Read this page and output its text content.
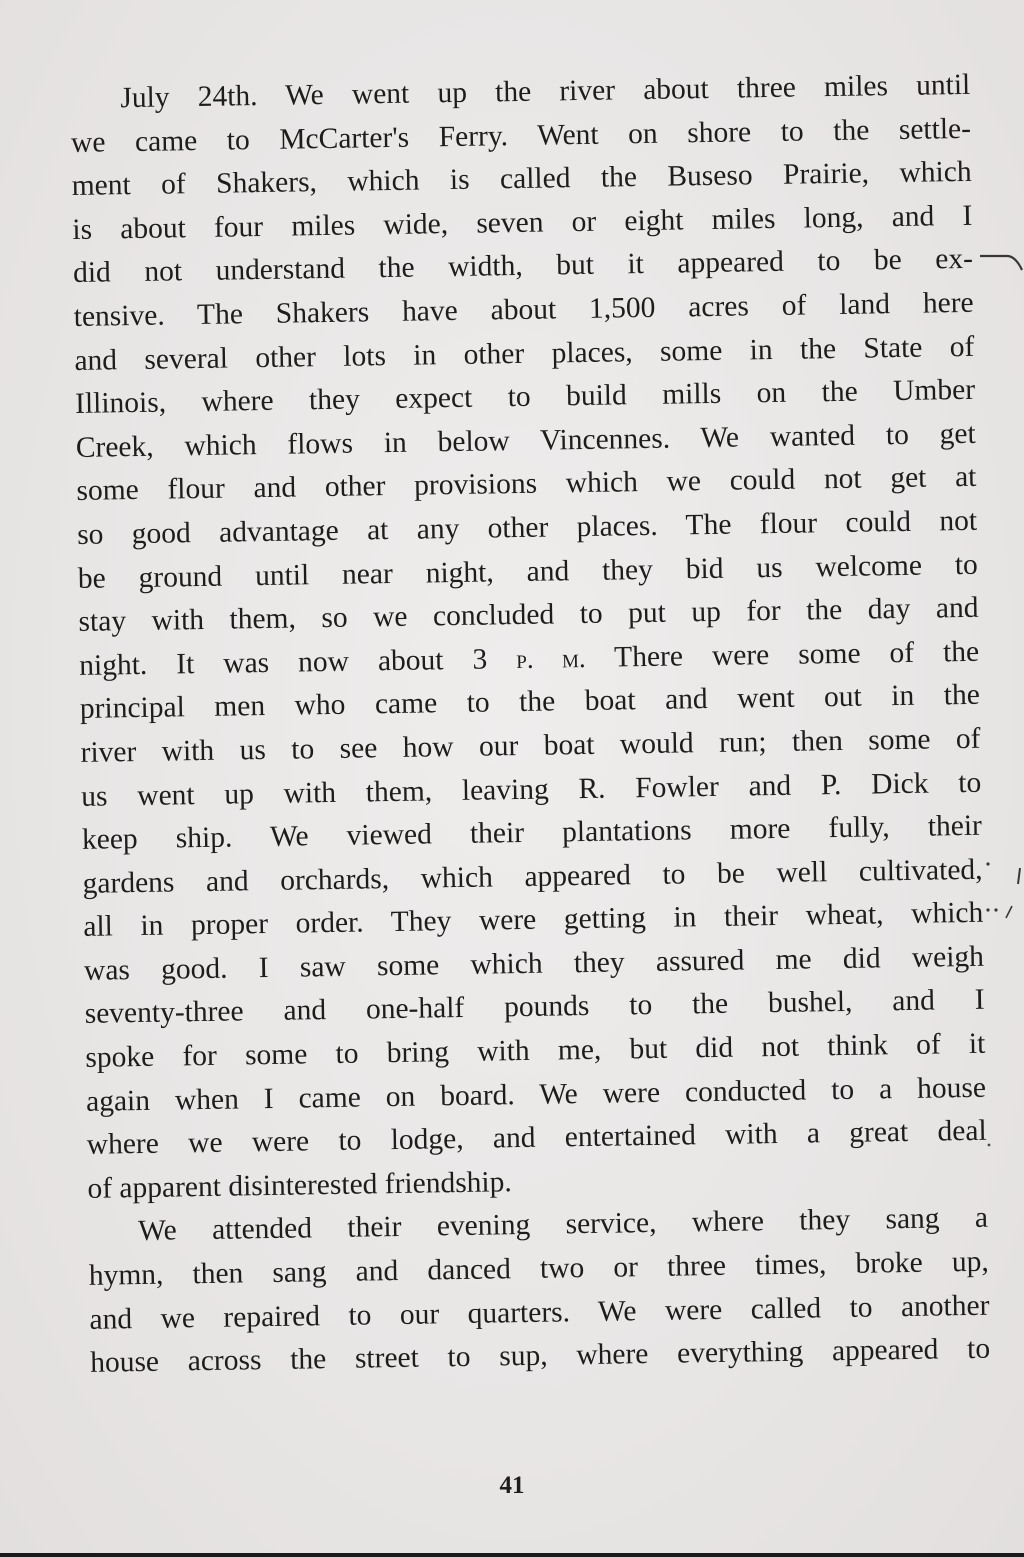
July 24th. We went up the river about three miles until
we came to McCarter's Ferry. Went on shore to the settle-
ment of Shakers, which is called the Buseso Prairie, which
is about four miles wide, seven or eight miles long, and I
did not understand the width, but it appeared to be ex-
tensive. The Shakers have about 1,500 acres of land here
and several other lots in other places, some in the State of
Illinois, where they expect to build mills on the Umber
Creek, which flows in below Vincennes. We wanted to get
some flour and other provisions which we could not get at
so good advantage at any other places. The flour could not
be ground until near night, and they bid us welcome to
stay with them, so we concluded to put up for the day and
night. It was now about 3 p. m. There were some of the
principal men who came to the boat and went out in the
river with us to see how our boat would run; then some of
us went up with them, leaving R. Fowler and P. Dick to
keep ship. We viewed their plantations more fully, their
gardens and orchards, which appeared to be well cultivated,
all in proper order. They were getting in their wheat, which
was good. I saw some which they assured me did weigh
seventy-three and one-half pounds to the bushel, and I
spoke for some to bring with me, but did not think of it
again when I came on board. We were conducted to a house
where we were to lodge, and entertained with a great deal
of apparent disinterested friendship.

We attended their evening service, where they sang a
hymn, then sang and danced two or three times, broke up,
and we repaired to our quarters. We were called to another
house across the street to sup, where everything appeared to

41
